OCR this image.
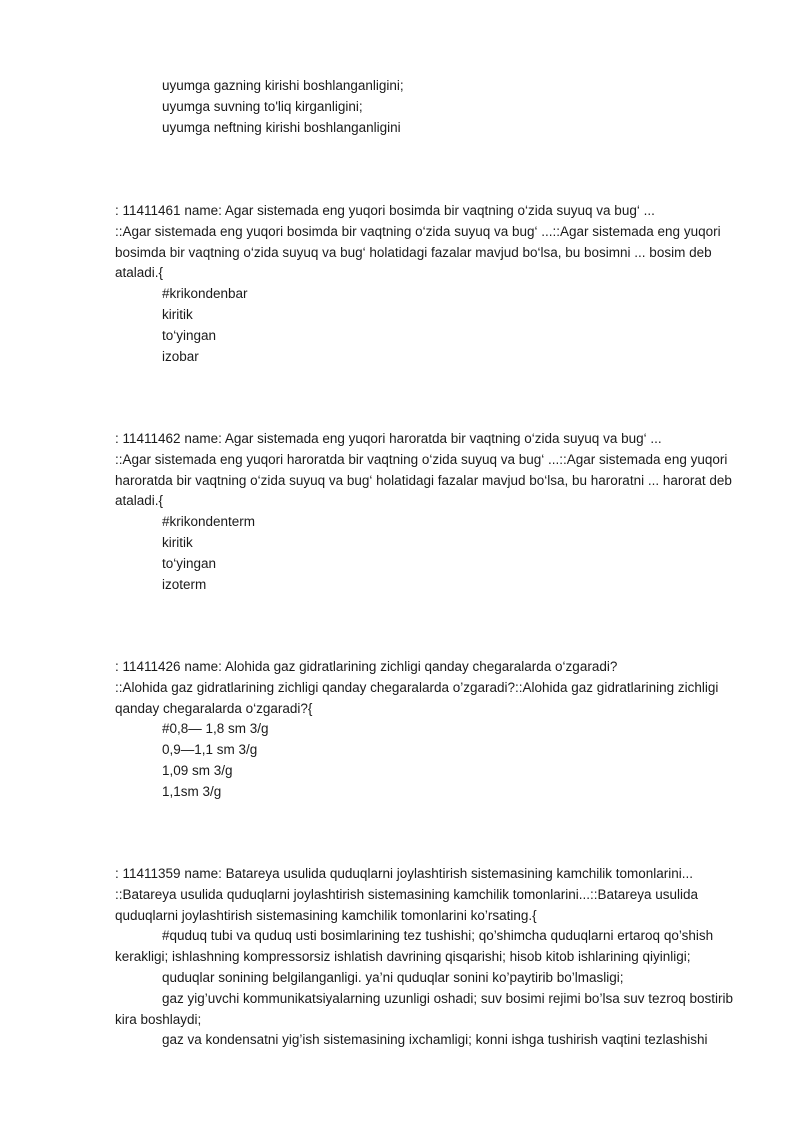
uyumga gazning kirishi boshlanganligini;
uyumga suvning to'liq kirganligini;
uyumga neftning kirishi boshlanganligini
: 11411461 name: Agar sistemada eng yuqori bosimda bir vaqtning o‘zida suyuq va bug‘ ...
::Agar sistemada eng yuqori bosimda bir vaqtning o‘zida suyuq va bug‘ ...::Agar sistemada eng yuqori bosimda bir vaqtning o‘zida suyuq va bug‘ holatidagi fazalar mavjud bo‘lsa, bu bosimni ... bosim deb ataladi.{
#krikondenbar
kiritik
to‘yingan
izobar
: 11411462 name: Agar sistemada eng yuqori haroratda bir vaqtning o‘zida suyuq va bug‘ ...
::Agar sistemada eng yuqori haroratda bir vaqtning o‘zida suyuq va bug‘ ...::Agar sistemada eng yuqori haroratda bir vaqtning o‘zida suyuq va bug‘ holatidagi fazalar mavjud bo‘lsa, bu haroratni ... harorat deb ataladi.{
#krikondenterm
kiritik
to‘yingan
izoterm
: 11411426 name: Alohida gaz gidratlarining zichligi qanday chegaralarda o‘zgaradi?
::Alohida gaz gidratlarining zichligi qanday chegaralarda o’zgaradi?::Alohida gaz gidratlarining zichligi qanday chegaralarda o‘zgaradi?{
#0,8— 1,8 sm 3/g
0,9—1,1 sm 3/g
1,09 sm 3/g
1,1sm 3/g
: 11411359 name: Batareya usulida quduqlarni joylashtirish sistemasining kamchilik tomonlarini...
::Batareya usulida quduqlarni joylashtirish sistemasining kamchilik tomonlarini...::Batareya usulida quduqlarni joylashtirish sistemasining kamchilik tomonlarini ko’rsating.{
#quduq tubi va quduq usti bosimlarining tez tushishi; qo’shimcha quduqlarni ertaroq qo’shish kerakligi; ishlashning kompressorsiz ishlatish davrining qisqarishi; hisob kitob ishlarining qiyinligi;
quduqlar sonining belgilanganligi. ya’ni quduqlar sonini ko’paytirib bo’lmasligi;
gaz yig’uvchi kommunikatsiyalarning uzunligi oshadi; suv bosimi rejimi bo’lsa suv tezroq bostirib kira boshlaydi;
gaz va kondensatni yig’ish sistemasining ixchamligi; konni ishga tushirish vaqtini tezlashishi
